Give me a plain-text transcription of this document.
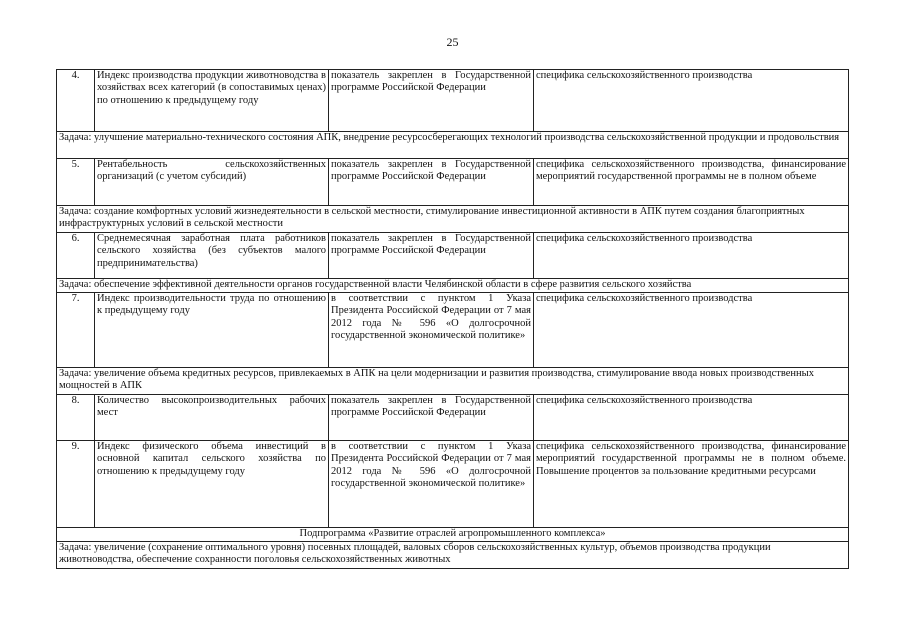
25
4.	Индекс производства продукции животноводства в хозяйствах всех категорий (в сопоставимых ценах) по отношению к предыдущему году	показатель закреплен в Государственной программе Российской Федерации	специфика сельскохозяйственного производства
Задача: улучшение материально-технического состояния АПК, внедрение ресурсосберегающих технологий производства сельскохозяйственной продукции и продовольствия			
5.	Рентабельность сельскохозяйственных организаций (с учетом субсидий)	показатель закреплен в Государственной программе Российской Федерации	специфика сельскохозяйственного производства, финансирование мероприятий государственной программы не в полном объеме
Задача: создание комфортных условий жизнедеятельности в сельской местности, стимулирование инвестиционной активности в АПК путем создания благоприятных инфраструктурных условий в сельской местности			
6.	Среднемесячная заработная плата работников сельского хозяйства (без субъектов малого предпринимательства)	показатель закреплен в Государственной программе Российской Федерации	специфика сельскохозяйственного производства
Задача: обеспечение эффективной деятельности органов государственной власти Челябинской области в сфере развития сельского хозяйства			
7.	Индекс производительности труда по отношению к предыдущему году	в соответствии с пунктом 1 Указа Президента Российской Федерации от 7 мая 2012 года № 596 «О долгосрочной государственной экономической политике»	специфика сельскохозяйственного производства
Задача: увеличение объема кредитных ресурсов, привлекаемых в АПК на цели модернизации и развития производства, стимулирование ввода новых производственных мощностей в АПК			
8.	Количество высокопроизводительных рабочих мест	показатель закреплен в Государственной программе Российской Федерации	специфика сельскохозяйственного производства
9.	Индекс физического объема инвестиций в основной капитал сельского хозяйства по отношению к предыдущему году	в соответствии с пунктом 1 Указа Президента Российской Федерации от 7 мая 2012 года № 596 «О долгосрочной государственной экономической политике»	специфика сельскохозяйственного производства, финансирование мероприятий государственной программы не в полном объеме. Повышение процентов за пользование кредитными ресурсами
Подпрограмма «Развитие отраслей агропромышленного комплекса»			
Задача: увеличение (сохранение оптимального уровня) посевных площадей, валовых сборов сельскохозяйственных культур, объемов производства продукции животноводства, обеспечение сохранности поголовья сельскохозяйственных животных			
